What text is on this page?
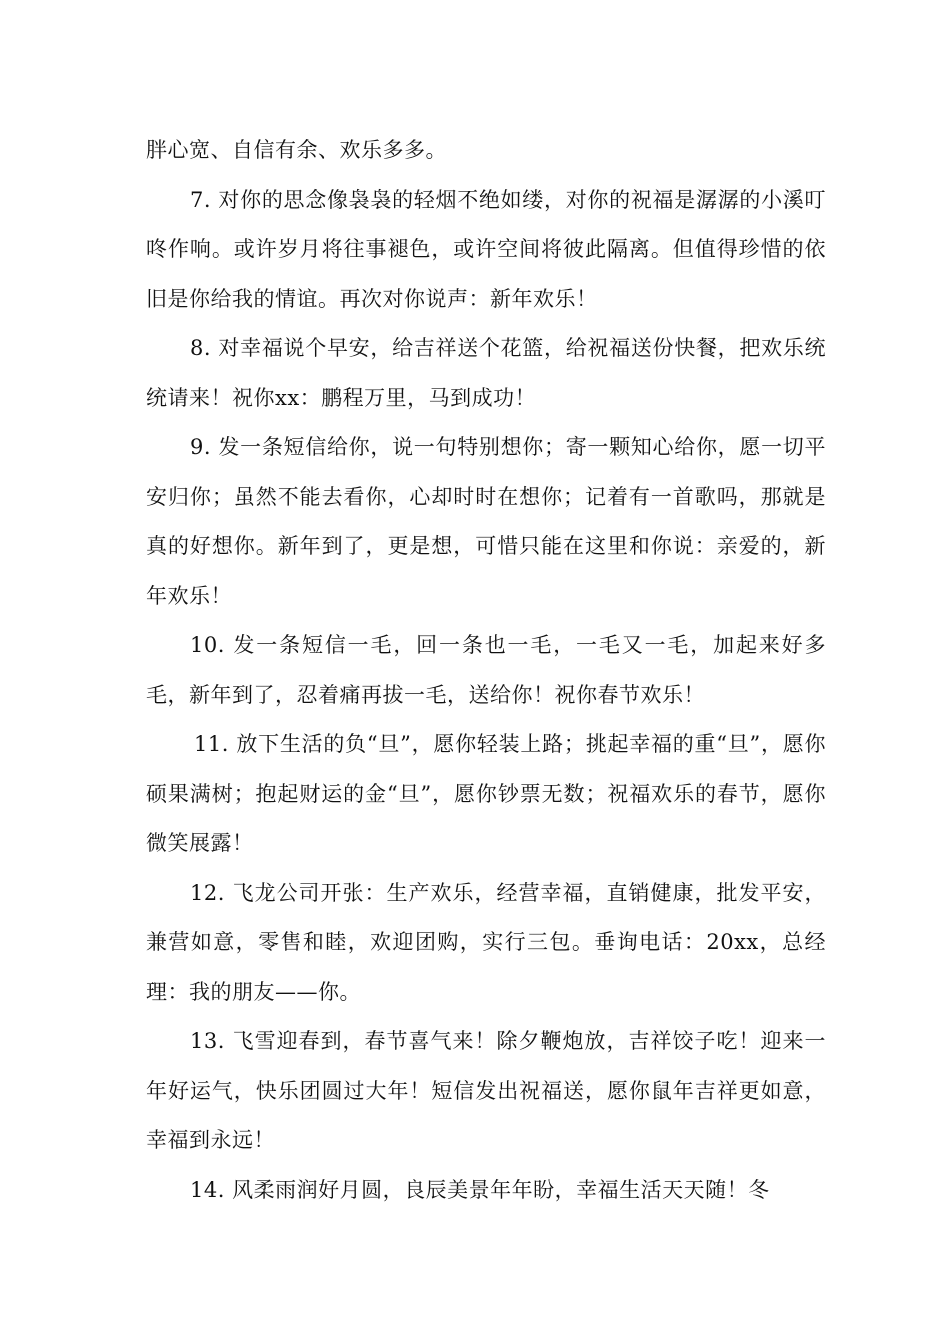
胖心宽、自信有余、欢乐多多。

7. 对你的思念像袅袅的轻烟不绝如缕，对你的祝福是潺潺的小溪叮咚作响。或许岁月将往事褪色，或许空间将彼此隔离。但值得珍惜的依旧是你给我的情谊。再次对你说声：新年欢乐！

8. 对幸福说个早安，给吉祥送个花篮，给祝福送份快餐，把欢乐统统请来！祝你xx：鹏程万里，马到成功！

9. 发一条短信给你，说一句特别想你；寄一颗知心给你，愿一切平安归你；虽然不能去看你，心却时时在想你；记着有一首歌吗，那就是真的好想你。新年到了，更是想，可惜只能在这里和你说：亲爱的，新年欢乐！

10. 发一条短信一毛，回一条也一毛，一毛又一毛，加起来好多毛，新年到了，忍着痛再拔一毛，送给你！祝你春节欢乐！

11. 放下生活的负“旦”，愿你轻装上路；挑起幸福的重“旦”，愿你硕果满树；抱起财运的金“旦”，愿你钞票无数；祝福欢乐的春节，愿你微笑展露！

12. 飞龙公司开张：生产欢乐，经营幸福，直销健康，批发平安，兼营如意，零售和睦，欢迎团购，实行三包。垂询电话：20xx，总经理：我的朋友——你。

13. 飞雪迎春到，春节喜气来！除夕鞭炮放，吉祥饺子吃！迎来一年好运气，快乐团圆过大年！短信发出祝福送，愿你鼠年吉祥更如意，幸福到永远！

14. 风柔雨润好月圆，良辰美景年年盼，幸福生活天天随！冬
